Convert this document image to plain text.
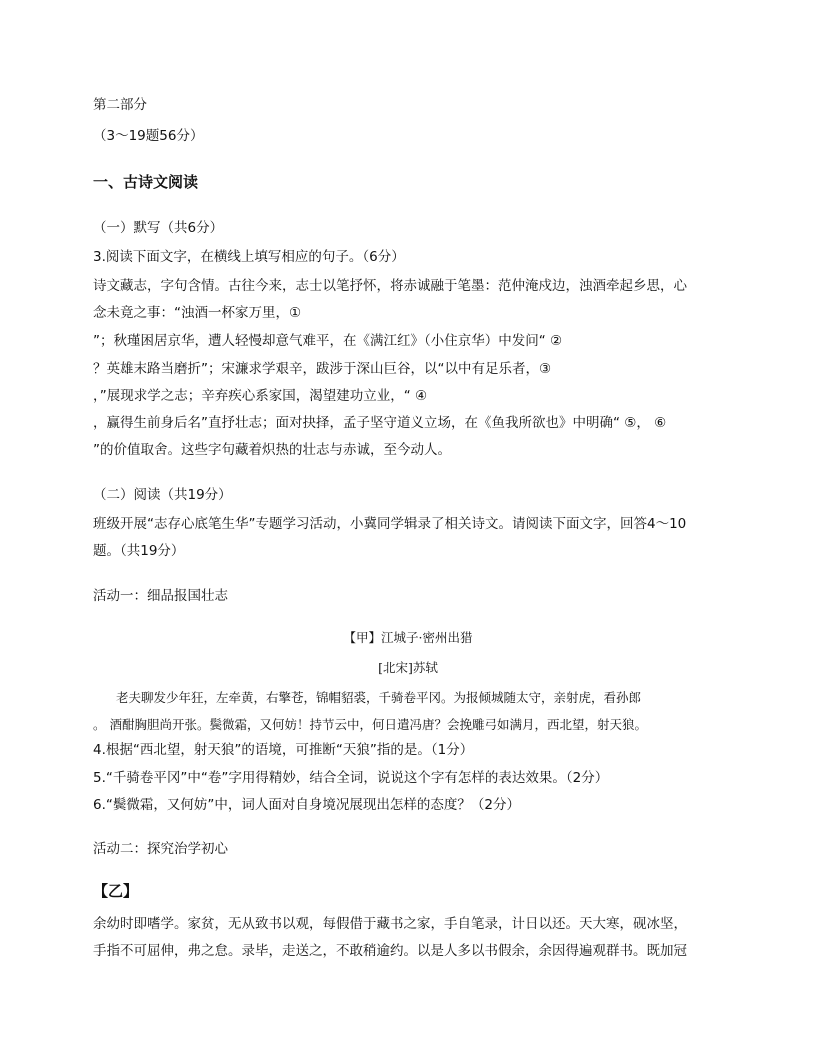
第二部分
（3～19题56分）
一、古诗文阅读
（一）默写（共6分）
3.阅读下面文字，在横线上填写相应的句子。（6分）
诗文藏志，字句含情。古往今来，志士以笔抒怀，将赤诚融于笔墨：范仲淹戍边，浊酒牵起乡思，心
念未竟之事：“浊酒一杯家万里，①
”；秋瑾困居京华，遭人轻慢却意气难平，在《满江红》（小住京华）中发问“ ②
？英雄末路当磨折”；宋濂求学艰辛，跋涉于深山巨谷，以“以中有足乐者，③
，”展现求学之志；辛弃疾心系家国，渴望建功立业，“ ④
，赢得生前身后名”直抒壮志；面对抉择，孟子坚守道义立场，在《鱼我所欲也》中明确“ ⑤， ⑥
”的价值取舍。这些字句藏着炽热的壮志与赤诚，至今动人。
（二）阅读（共19分）
班级开展“志存心底笔生华”专题学习活动，小冀同学辑录了相关诗文。请阅读下面文字，回答4～10
题。（共19分）
活动一：细品报国壮志
【甲】江城子·密州出猎
[北宋]苏轼
老夫聊发少年狂，左牵黄，右擎苍，锦帽貂裘，千骑卷平冈。为报倾城随太守，亲射虎，看孙郎
。 酒酣胸胆尚开张。鬓微霜，又何妨！持节云中，何日遣冯唐？会挽雕弓如满月，西北望，射天狼。
4.根据“西北望，射天狼”的语境，可推断“天狼”指的是。（1分）
5.“千骑卷平冈”中“卷”字用得精妙，结合全词，说说这个字有怎样的表达效果。（2分）
6.“鬓微霜，又何妨”中，词人面对自身境况展现出怎样的态度？（2分）
活动二：探究治学初心
【乙】
余幼时即嗜学。家贫，无从致书以观，每假借于藏书之家，手自笔录，计日以还。天大寒，砚冰坚，
手指不可屈伸，弗之怠。录毕，走送之，不敢稍逾约。以是人多以书假余，余因得遍观群书。既加冠
